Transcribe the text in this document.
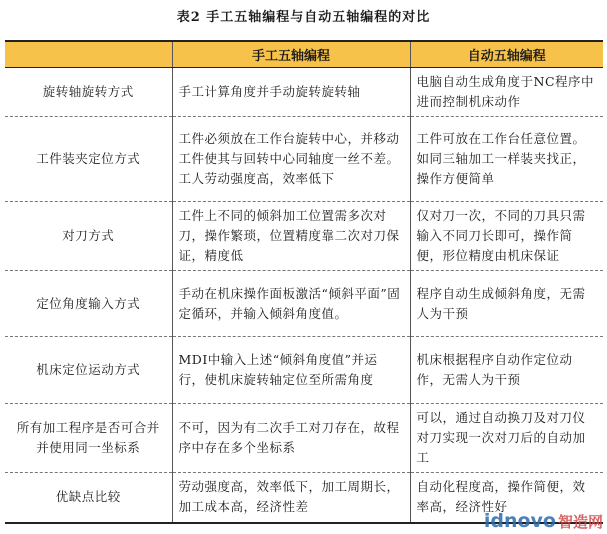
表2 手工五轴编程与自动五轴编程的对比
	手工五轴编程	自动五轴编程
旋转轴旋转方式	手工计算角度并手动旋转旋转轴	电脑自动生成角度于NC程序中进而控制机床动作
工件装夹定位方式	工件必须放在工作台旋转中心，并移动工件使其与回转中心同轴度一丝不差。工人劳动强度高，效率低下	工件可放在工作台任意位置。如同三轴加工一样装夹找正，操作方便简单
对刀方式	工件上不同的倾斜加工位置需多次对刀，操作繁琐，位置精度靠二次对刀保证，精度低	仅对刀一次，不同的刀具只需输入不同刀长即可，操作简便，形位精度由机床保证
定位角度输入方式	手动在机床操作面板激活“倾斜平面”固定循环，并输入倾斜角度值。	程序自动生成倾斜角度，无需人为干预
机床定位运动方式	MDI中输入上述“倾斜角度值”并运行，使机床旋转轴定位至所需角度	机床根据程序自动作定位动作，无需人为干预
所有加工程序是否可合并并使用同一坐标系	不可，因为有二次手工对刀存在，故程序中存在多个坐标系	可以，通过自动换刀及对刀仪对刀实现一次对刀后的自动加工
优缺点比较	劳动强度高，效率低下，加工周期长，加工成本高，经济性差	自动化程度高，操作简便，效率高，经济性好
idnovo 智造网
